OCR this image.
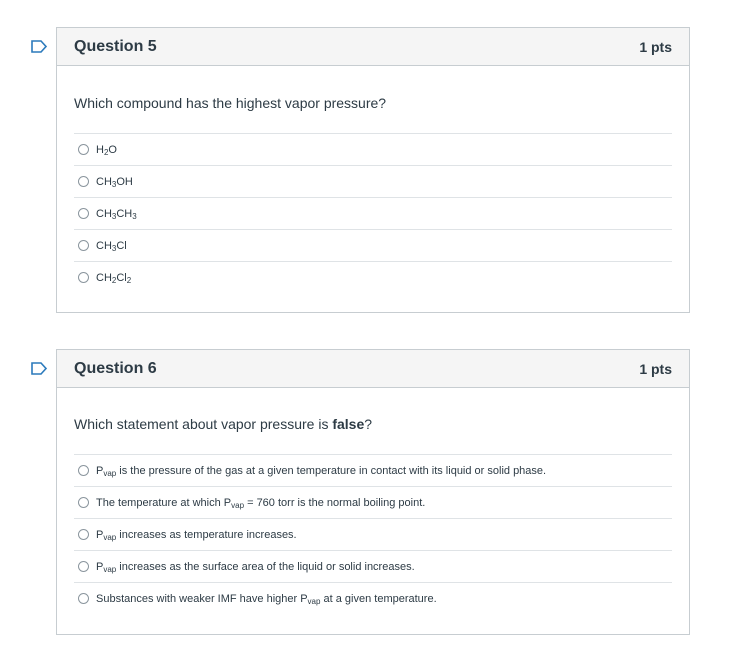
Question 5	1 pts

Which compound has the highest vapor pressure?

$H_2O$
$CH_3OH$
$CH_3CH_3$
$CH_3Cl$
$CH_2Cl_2$
Question 6	1 pts

Which statement about vapor pressure is false?

$P_{vap}$ is the pressure of the gas at a given temperature in contact with its liquid or solid phase.
The temperature at which $P_{vap} = 760$ torr is the normal boiling point.
$P_{vap}$ increases as temperature increases.
$P_{vap}$ increases as the surface area of the liquid or solid increases.
Substances with weaker IMF have higher $P_{vap}$ at a given temperature.
